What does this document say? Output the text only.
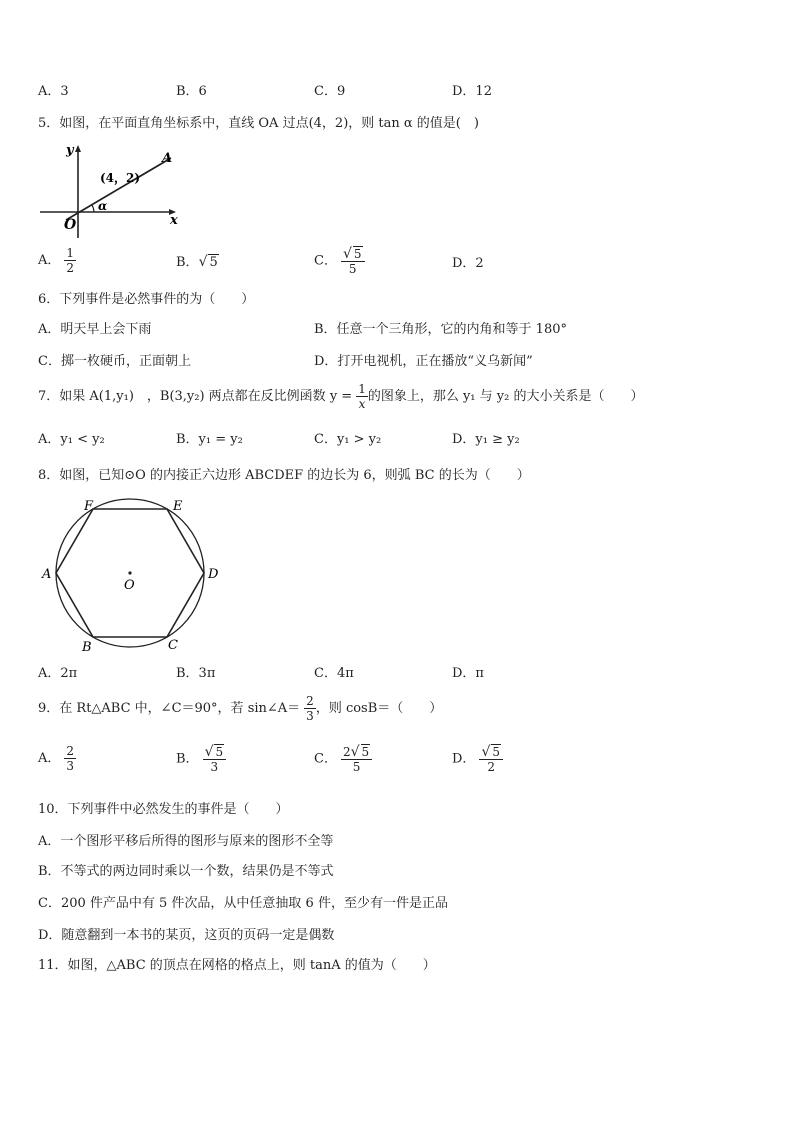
A．3	B．6	C．9	D．12
5．如图，在平面直角坐标系中，直线 OA 过点(4，2)，则 tan α 的值是(　)
y
x
O
(4，2)
A
α
A． $\frac{1}{2}$	B．√ 5	C． $\frac{√ 5}{5}$	D．2
6．下列事件是必然事件的为（　　）
A．明天早上会下雨	B．任意一个三角形，它的内角和等于 180°
C．掷一枚硬币，正面朝上	D．打开电视机，正在播放“义乌新闻”
7．如果 A(1,y₁)　，B(3,y₂) 两点都在反比例函数 $y = \frac{1}{x}$ 的图象上，那么 y₁ 与 y₂ 的大小关系是（　　）
A．y₁ < y₂	B．y₁ = y₂	C．y₁ > y₂	D．y₁ ≥ y₂
8．如图，已知⊙O 的内接正六边形 ABCDEF 的边长为 6，则弧 BC 的长为（　　）
A
B	C
D
E
F
O
A．2π	B．3π	C．4π	D．π
9．在 Rt△ABC 中，∠C＝90°，若 sin∠A＝ $\frac{2}{3}$ ，则 cosB＝（　　）
A． $\frac{2}{3}$	B． $\frac{√ 5}{3}$	C． $\frac{2√ 5}{5}$	D． $\frac{√ 5}{2}$
10．下列事件中必然发生的事件是（　　）
A．一个图形平移后所得的图形与原来的图形不全等
B．不等式的两边同时乘以一个数，结果仍是不等式
C．200 件产品中有 5 件次品，从中任意抽取 6 件，至少有一件是正品
D．随意翻到一本书的某页，这页的页码一定是偶数
11．如图，△ABC 的顶点在网格的格点上，则 tanA 的值为（　　）
